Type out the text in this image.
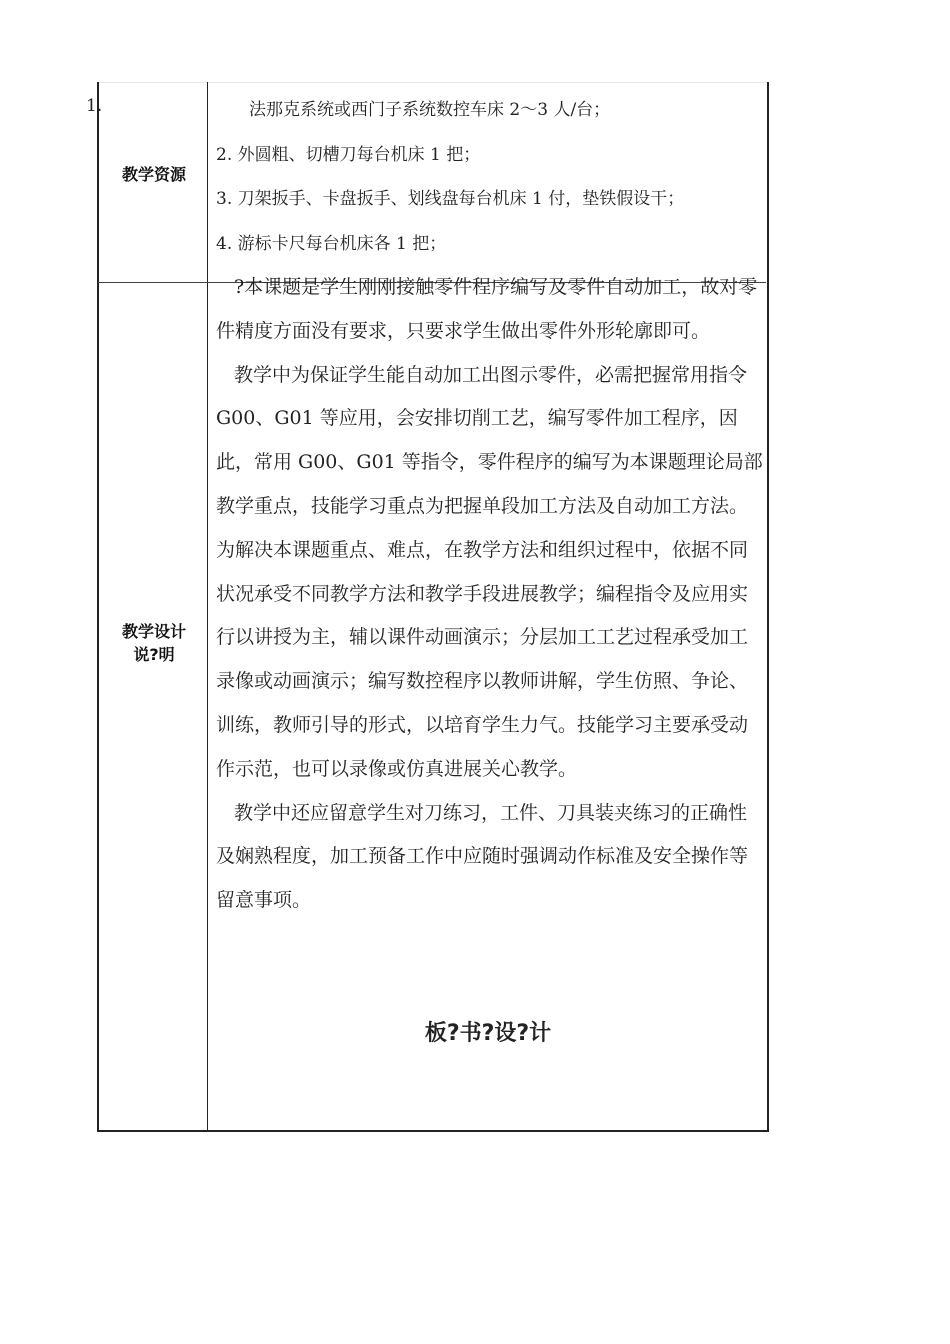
1.
教学资源
法那克系统或西门子系统数控车床 2～3 人/台；
2. 外圆粗、切槽刀每台机床 1 把；
3. 刀架扳手、卡盘扳手、划线盘每台机床 1 付，垫铁假设干；
4. 游标卡尺每台机床各 1 把；
教学设计
说?明

?本课题是学生刚刚接触零件程序编写及零件自动加工，故对零件精度方面没有要求，只要求学生做出零件外形轮廓即可。

教学中为保证学生能自动加工出图示零件，必需把握常用指令 G00、G01 等应用，会安排切削工艺，编写零件加工程序，因此，常用 G00、G01 等指令，零件程序的编写为本课题理论局部教学重点，技能学习重点为把握单段加工方法及自动加工方法。为解决本课题重点、难点，在教学方法和组织过程中，依据不同状况承受不同教学方法和教学手段进展教学；编程指令及应用实行以讲授为主，辅以课件动画演示；分层加工工艺过程承受加工录像或动画演示；编写数控程序以教师讲解，学生仿照、争论、训练，教师引导的形式，以培育学生力气。技能学习主要承受动作示范，也可以录像或仿真进展关心教学。

教学中还应留意学生对刀练习，工件、刀具装夹练习的正确性及娴熟程度，加工预备工作中应随时强调动作标准及安全操作等留意事项。

板?书?设?计
